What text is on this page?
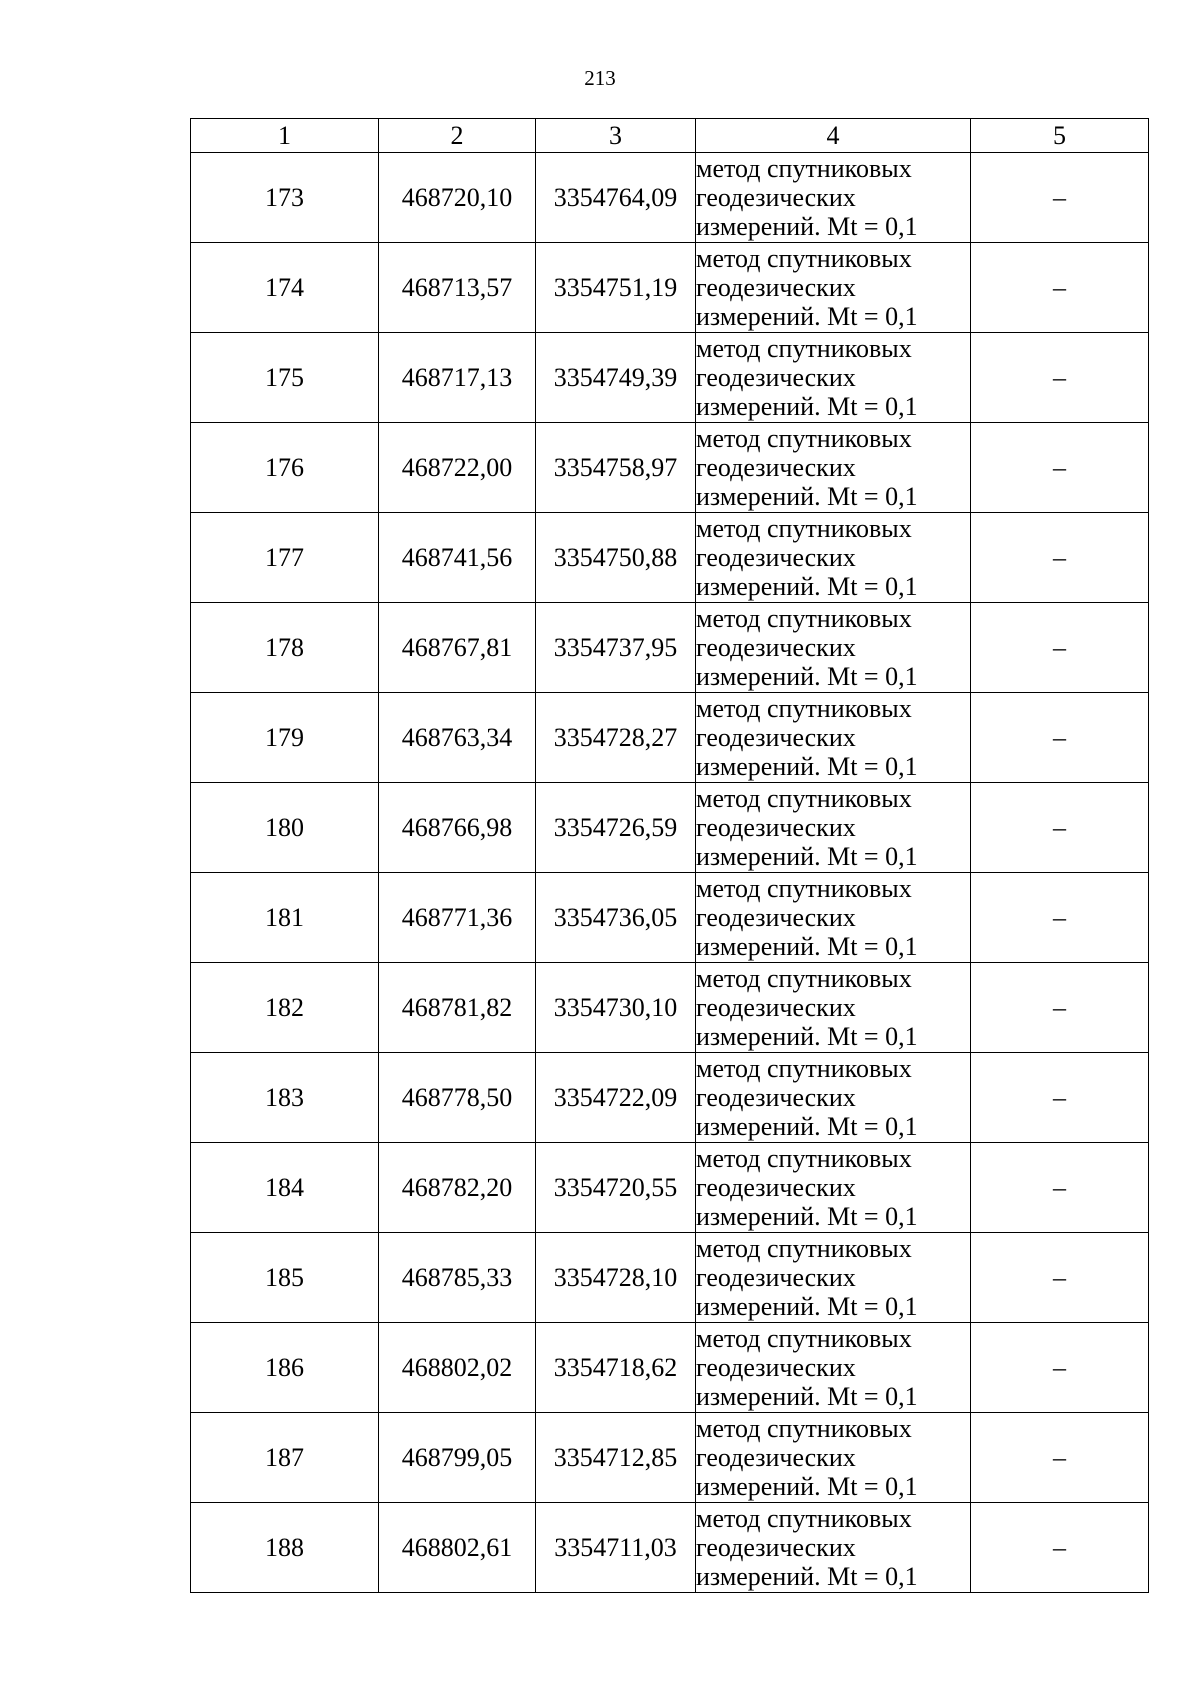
213
1	2	3	4	5
173	468720,10	3354764,09	метод спутниковых
геодезических
измерений. Mt = 0,1	–
174	468713,57	3354751,19	метод спутниковых
геодезических
измерений. Mt = 0,1	–
175	468717,13	3354749,39	метод спутниковых
геодезических
измерений. Mt = 0,1	–
176	468722,00	3354758,97	метод спутниковых
геодезических
измерений. Mt = 0,1	–
177	468741,56	3354750,88	метод спутниковых
геодезических
измерений. Mt = 0,1	–
178	468767,81	3354737,95	метод спутниковых
геодезических
измерений. Mt = 0,1	–
179	468763,34	3354728,27	метод спутниковых
геодезических
измерений. Mt = 0,1	–
180	468766,98	3354726,59	метод спутниковых
геодезических
измерений. Mt = 0,1	–
181	468771,36	3354736,05	метод спутниковых
геодезических
измерений. Mt = 0,1	–
182	468781,82	3354730,10	метод спутниковых
геодезических
измерений. Mt = 0,1	–
183	468778,50	3354722,09	метод спутниковых
геодезических
измерений. Mt = 0,1	–
184	468782,20	3354720,55	метод спутниковых
геодезических
измерений. Mt = 0,1	–
185	468785,33	3354728,10	метод спутниковых
геодезических
измерений. Mt = 0,1	–
186	468802,02	3354718,62	метод спутниковых
геодезических
измерений. Mt = 0,1	–
187	468799,05	3354712,85	метод спутниковых
геодезических
измерений. Mt = 0,1	–
188	468802,61	3354711,03	метод спутниковых
геодезических
измерений. Mt = 0,1	–
